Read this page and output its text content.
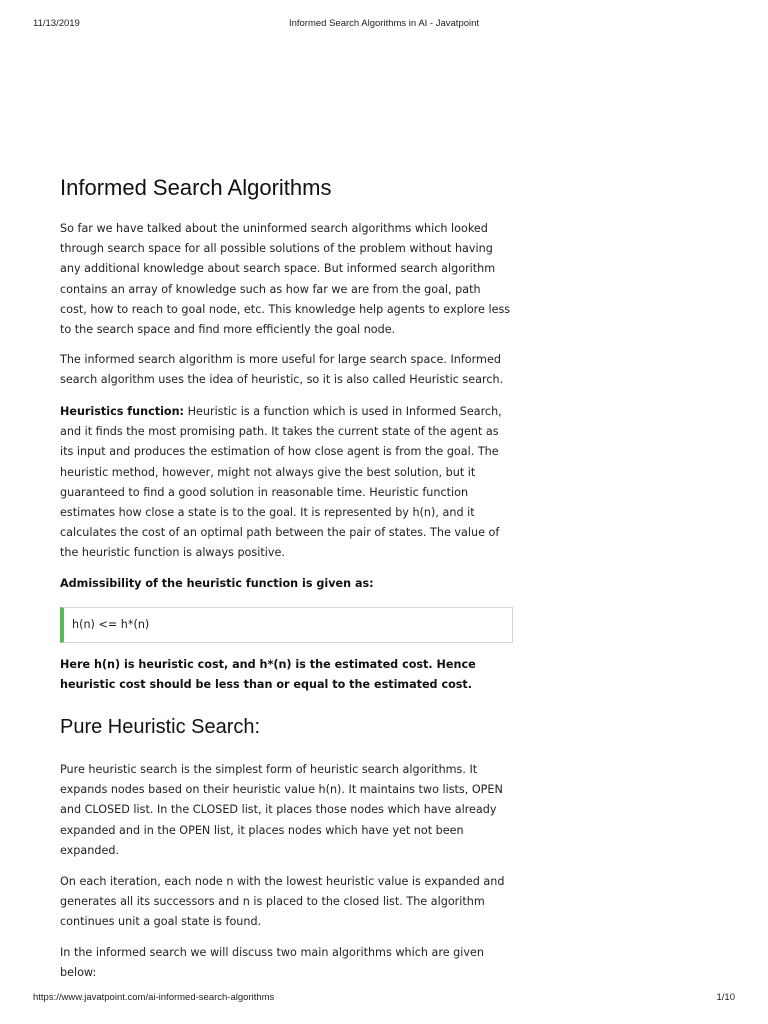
11/13/2019	Informed Search Algorithms in AI - Javatpoint
Informed Search Algorithms
So far we have talked about the uninformed search algorithms which looked
through search space for all possible solutions of the problem without having
any additional knowledge about search space. But informed search algorithm
contains an array of knowledge such as how far we are from the goal, path
cost, how to reach to goal node, etc. This knowledge help agents to explore less
to the search space and find more efficiently the goal node.
The informed search algorithm is more useful for large search space. Informed
search algorithm uses the idea of heuristic, so it is also called Heuristic search.
Heuristics function: Heuristic is a function which is used in Informed Search,
and it finds the most promising path. It takes the current state of the agent as
its input and produces the estimation of how close agent is from the goal. The
heuristic method, however, might not always give the best solution, but it
guaranteed to find a good solution in reasonable time. Heuristic function
estimates how close a state is to the goal. It is represented by h(n), and it
calculates the cost of an optimal path between the pair of states. The value of
the heuristic function is always positive.
Admissibility of the heuristic function is given as:
h(n) <= h*(n)
Here h(n) is heuristic cost, and h*(n) is the estimated cost. Hence
heuristic cost should be less than or equal to the estimated cost.
Pure Heuristic Search:
Pure heuristic search is the simplest form of heuristic search algorithms. It
expands nodes based on their heuristic value h(n). It maintains two lists, OPEN
and CLOSED list. In the CLOSED list, it places those nodes which have already
expanded and in the OPEN list, it places nodes which have yet not been
expanded.
On each iteration, each node n with the lowest heuristic value is expanded and
generates all its successors and n is placed to the closed list. The algorithm
continues unit a goal state is found.
In the informed search we will discuss two main algorithms which are given
below:
https://www.javatpoint.com/ai-informed-search-algorithms	1/10
